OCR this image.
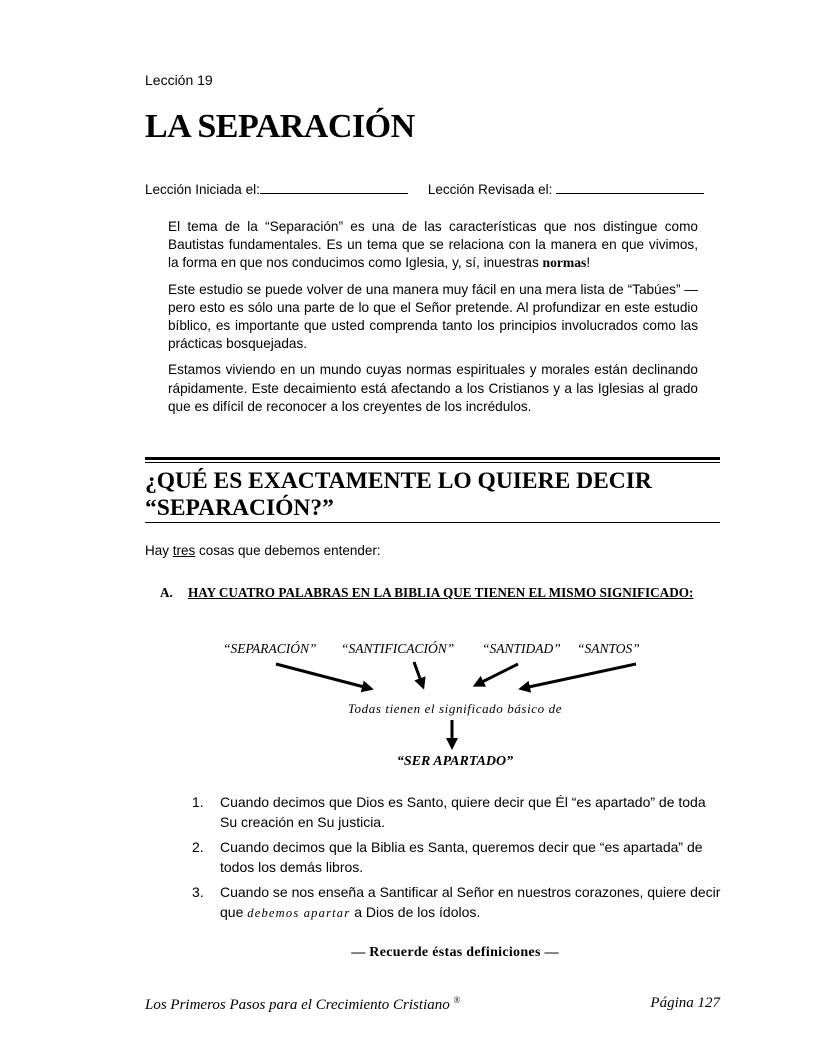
Lección 19
LA SEPARACIÓN
Lección Iniciada el:	Lección Revisada el:

El tema de la “Separación” es una de las características que nos distingue como Bautistas fundamentales. Es un tema que se relaciona con la manera en que vivimos, la forma en que nos conducimos como Iglesia, y, sí, inuestras normas!

Este estudio se puede volver de una manera muy fácil en una mera lista de “Tabúes” — pero esto es sólo una parte de lo que el Señor pretende. Al profundizar en este estudio bíblico, es importante que usted comprenda tanto los principios involucrados como las prácticas bosquejadas.

Estamos viviendo en un mundo cuyas normas espirituales y morales están declinando rápidamente. Este decaimiento está afectando a los Cristianos y a las Iglesias al grado que es difícil de reconocer a los creyentes de los incrédulos.

¿QUÉ ES EXACTAMENTE LO QUIERE DECIR
“SEPARACIÓN?”
Hay tres cosas que debemos entender:
A. HAY CUATRO PALABRAS EN LA BIBLIA QUE TIENEN EL MISMO SIGNIFICADO:
“SEPARACIÓN” “SANTIFICACIÓN” “SANTIDAD” “SANTOS”
Todas tienen el significado básico de
“SER APARTADO”
1. Cuando decimos que Dios es Santo, quiere decir que Él “es apartado” de toda Su creación en Su justicia.
2. Cuando decimos que la Biblia es Santa, queremos decir que “es apartada” de todos los demás libros.
3. Cuando se nos enseña a Santificar al Señor en nuestros corazones, quiere decir que debemos apartar a Dios de los ídolos.
— Recuerde éstas definiciones —
Los Primeros Pasos para el Crecimiento Cristiano ®	Página 127
